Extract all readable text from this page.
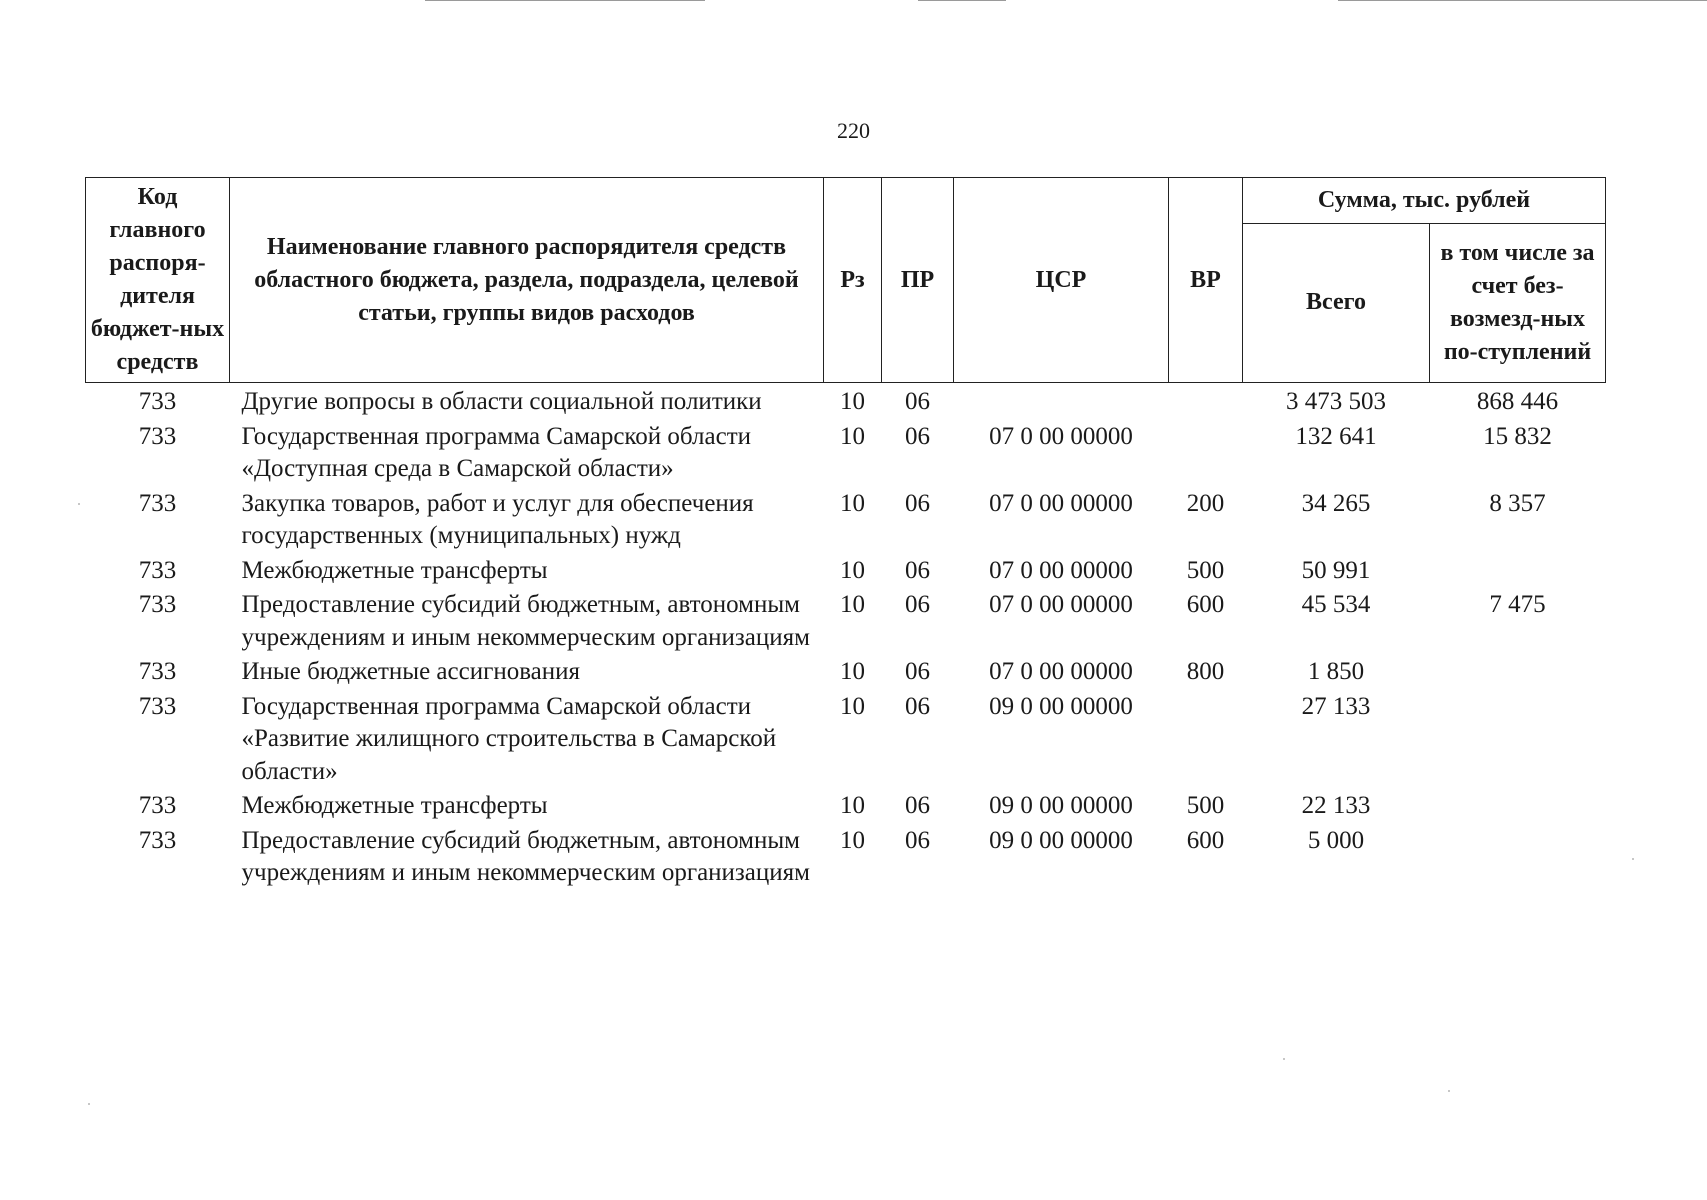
220
Код главного распоря-дителя бюджет-ных средств	Наименование главного распорядителя средств областного бюджета, раздела, подраздела, целевой статьи, группы видов расходов	Рз	ПР	ЦСР	ВР	Сумма, тыс. рублей	
						Всего	в том числе за счет без-возмезд-ных по-ступлений
733	Другие вопросы в области социальной политики	10	06			3 473 503	868 446
733	Государственная программа Самарской области «Доступная среда в Самарской области»	10	06	07 0 00 00000		132 641	15 832
733	Закупка товаров, работ и услуг для обеспечения государственных (муниципальных) нужд	10	06	07 0 00 00000	200	34 265	8 357
733	Межбюджетные трансферты	10	06	07 0 00 00000	500	50 991	
733	Предоставление субсидий бюджетным, автономным учреждениям и иным некоммерческим организациям	10	06	07 0 00 00000	600	45 534	7 475
733	Иные бюджетные ассигнования	10	06	07 0 00 00000	800	1 850	
733	Государственная программа Самарской области «Развитие жилищного строительства в Самарской области»	10	06	09 0 00 00000		27 133	
733	Межбюджетные трансферты	10	06	09 0 00 00000	500	22 133	
733	Предоставление субсидий бюджетным, автономным учреждениям и иным некоммерческим организациям	10	06	09 0 00 00000	600	5 000	
